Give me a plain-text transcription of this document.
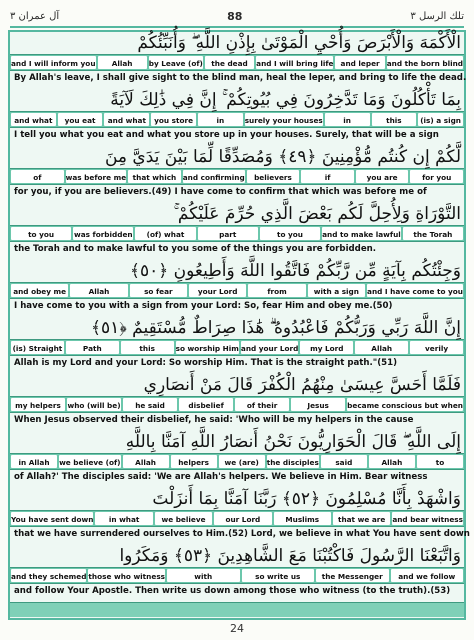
آل عمران ٣	88	تلك الرسل ٣
الْأَكْمَهَ وَالْأَبْرَصَ وَأُحْيِ الْمَوْتَىٰ بِإِذْنِ اللَّهِ ۖ وَأُنَبِّئُكُمْ
and the born blind
and leper
and I will bring life
the dead
by Leave (of)
Allah
and I will inform you
By Allah's leave, I shall give sight to the blind man, heal the leper, and bring to life the dead.
بِمَا تَأْكُلُونَ وَمَا تَدَّخِرُونَ فِي بُيُوتِكُمْ ۚ إِنَّ فِي ذَٰلِكَ لَآيَةً
(is) a sign
this
in
surely your houses
in
you store
and what
you eat
and what
I tell you what you eat and what you store up in your houses. Surely, that will be a sign
لَّكُمْ إِن كُنتُم مُّؤْمِنِينَ ﴿٤٩﴾ وَمُصَدِّقًا لِّمَا بَيْنَ يَدَيَّ مِنَ
for you
you are
if
believers
and confirming
that which
was before me
of
for you, if you are believers.(49) I have come to confirm that which was before me of
التَّوْرَاةِ وَلِأُحِلَّ لَكُم بَعْضَ الَّذِي حُرِّمَ عَلَيْكُمْ ۚ
the Torah
and to make lawful
to you
part
(of) what
was forbidden
to you
the Torah and to make lawful to you some of the things you are forbidden.
وَجِئْتُكُم بِآيَةٍ مِّن رَّبِّكُمْ فَاتَّقُوا اللَّهَ وَأَطِيعُونِ ﴿٥٠﴾
and I have come to you
with a sign
from
your Lord
so fear
Allah
and obey me
I have come to you with a sign from your Lord: So, fear Him and obey me.(50)
إِنَّ اللَّهَ رَبِّي وَرَبُّكُمْ فَاعْبُدُوهُ ۗ هَٰذَا صِرَاطٌ مُّسْتَقِيمٌ ﴿٥١﴾
verily
Allah
my Lord
and your Lord
so worship Him
this
Path
(is) Straight
Allah is my Lord and your Lord: So worship Him. That is the straight path."(51)
فَلَمَّا أَحَسَّ عِيسَىٰ مِنْهُمُ الْكُفْرَ قَالَ مَنْ أَنصَارِي
became conscious but when
Jesus
of their
disbelief
he said
who (will be)
my helpers
When Jesus observed their disbelief, he said: 'Who will be my helpers in the cause
إِلَى اللَّهِ ۖ قَالَ الْحَوَارِيُّونَ نَحْنُ أَنصَارُ اللَّهِ آمَنَّا بِاللَّهِ
to
Allah
said
the disciples
we (are)
helpers
Allah
we believe (of)
in Allah
of Allah?' The disciples said: 'We are Allah's helpers. We believe in Him. Bear witness
وَاشْهَدْ بِأَنَّا مُسْلِمُونَ ﴿٥٢﴾ رَبَّنَا آمَنَّا بِمَا أَنزَلْتَ
and bear witness
that we are
Muslims
our Lord
we believe
in what
You have sent down
that we have surrendered ourselves to Him.(52) Lord, we believe in what You have sent down
وَاتَّبَعْنَا الرَّسُولَ فَاكْتُبْنَا مَعَ الشَّاهِدِينَ ﴿٥٣﴾ وَمَكَرُوا
and we follow
the Messenger
so write us
with
those who witness
and they schemed
and follow Your Apostle. Then write us down among those who witness (to the truth).(53)
24
